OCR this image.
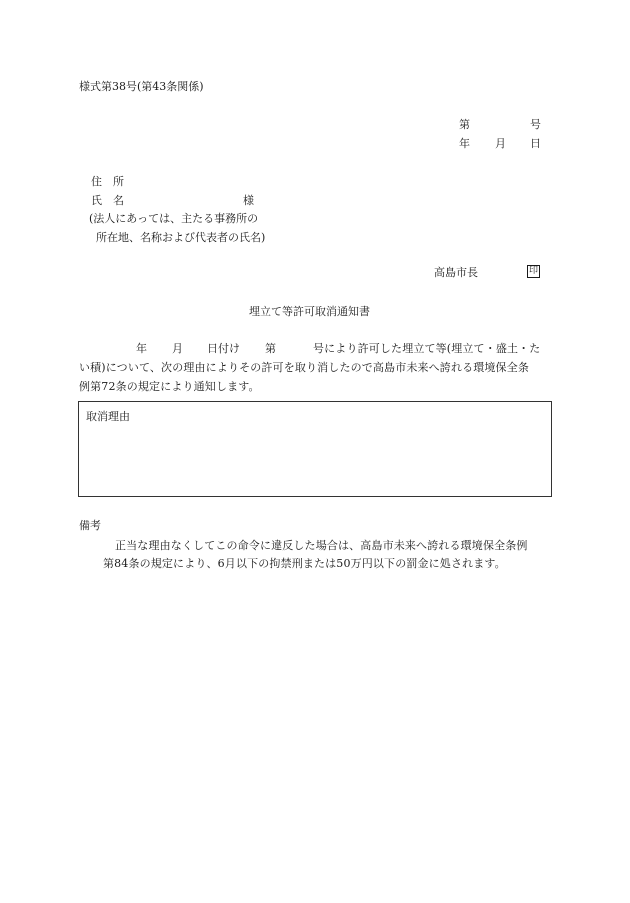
様式第38号(第43条関係)
第	号
年 月 日
住　所
氏　名	様
(法人にあっては、主たる事務所の
所在地、名称および代表者の氏名)
高島市長	印
埋立て等許可取消通知書
年 月 日付け 第	号により許可した埋立て等(埋立て・盛土・た
い積)について、次の理由によりその許可を取り消したので高島市未来へ誇れる環境保全条
例第72条の規定により通知します。
取消理由
備考
正当な理由なくしてこの命令に違反した場合は、高島市未来へ誇れる環境保全条例
第84条の規定により、6月以下の拘禁刑または50万円以下の罰金に処されます。
